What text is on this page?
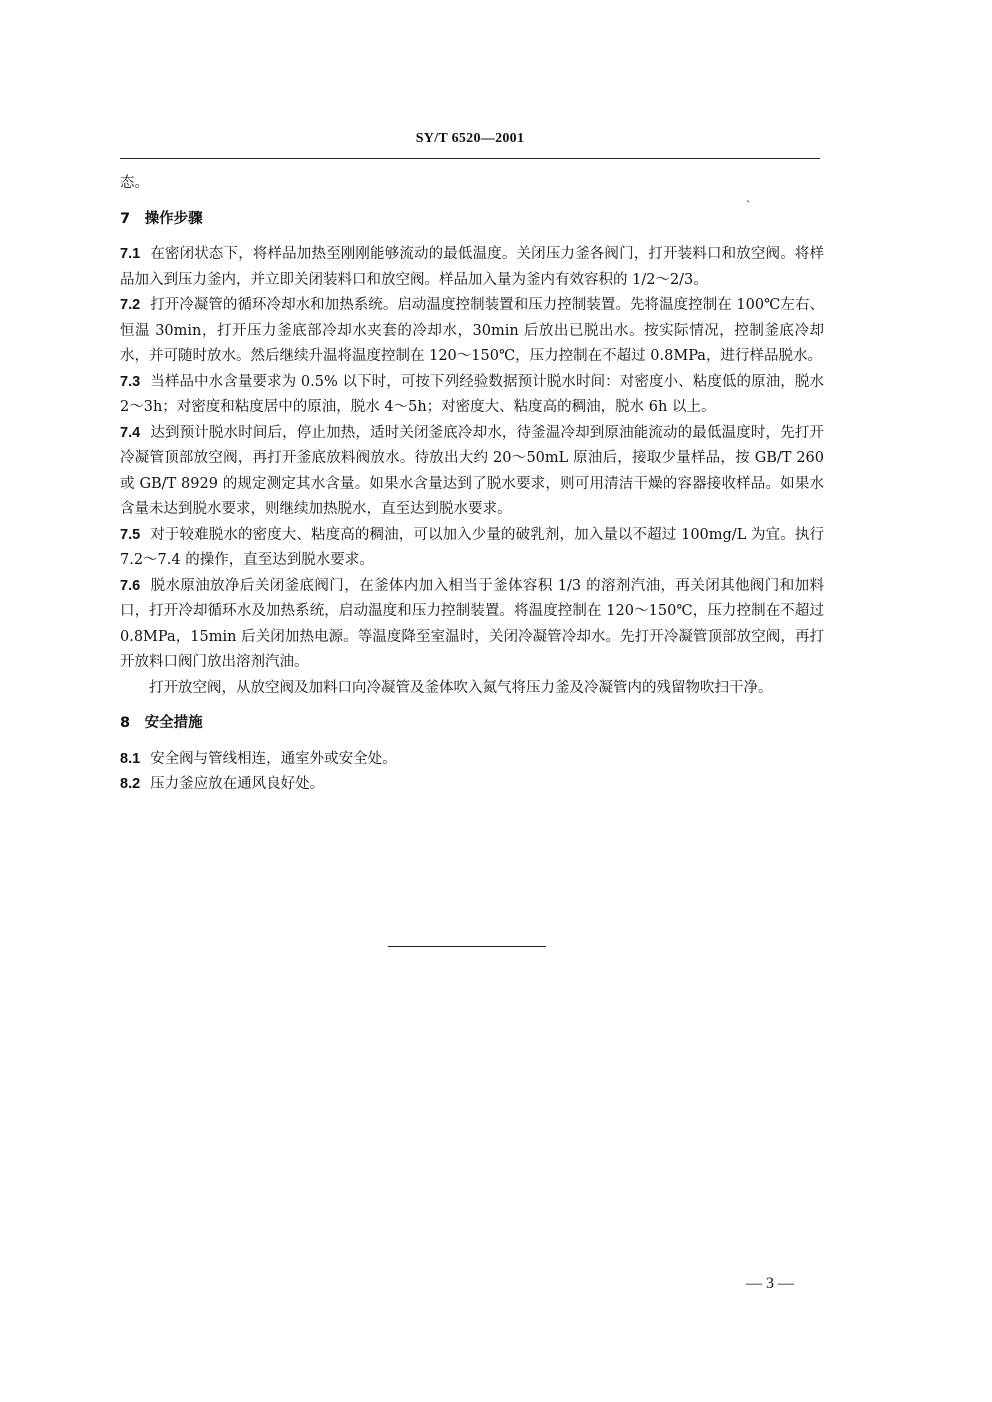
SY/T 6520—2001
ˎ

态。

7　操作步骤

7.1 在密闭状态下，将样品加热至刚刚能够流动的最低温度。关闭压力釜各阀门，打开装料口和放空阀。将样品加入到压力釜内，并立即关闭装料口和放空阀。样品加入量为釜内有效容积的 1/2～2/3。

7.2 打开冷凝管的循环冷却水和加热系统。启动温度控制装置和压力控制装置。先将温度控制在 100℃左右、恒温 30min，打开压力釜底部冷却水夹套的冷却水，30min 后放出已脱出水。按实际情况，控制釜底冷却水，并可随时放水。然后继续升温将温度控制在 120～150℃，压力控制在不超过 0.8MPa，进行样品脱水。

7.3 当样品中水含量要求为 0.5% 以下时，可按下列经验数据预计脱水时间：对密度小、粘度低的原油，脱水 2～3h；对密度和粘度居中的原油，脱水 4～5h；对密度大、粘度高的稠油，脱水 6h 以上。

7.4 达到预计脱水时间后，停止加热，适时关闭釜底冷却水，待釜温冷却到原油能流动的最低温度时，先打开冷凝管顶部放空阀，再打开釜底放料阀放水。待放出大约 20～50mL 原油后，接取少量样品，按 GB/T 260 或 GB/T 8929 的规定测定其水含量。如果水含量达到了脱水要求，则可用清洁干燥的容器接收样品。如果水含量未达到脱水要求，则继续加热脱水，直至达到脱水要求。

7.5 对于较难脱水的密度大、粘度高的稠油，可以加入少量的破乳剂，加入量以不超过 100mg/L 为宜。执行 7.2～7.4 的操作，直至达到脱水要求。

7.6 脱水原油放净后关闭釜底阀门，在釜体内加入相当于釜体容积 1/3 的溶剂汽油，再关闭其他阀门和加料口，打开冷却循环水及加热系统，启动温度和压力控制装置。将温度控制在 120～150℃，压力控制在不超过 0.8MPa，15min 后关闭加热电源。等温度降至室温时，关闭冷凝管冷却水。先打开冷凝管顶部放空阀，再打开放料口阀门放出溶剂汽油。

打开放空阀，从放空阀及加料口向冷凝管及釜体吹入氮气将压力釜及冷凝管内的残留物吹扫干净。

8　安全措施

8.1 安全阀与管线相连，通室外或安全处。

8.2 压力釜应放在通风良好处。

— 3 —
